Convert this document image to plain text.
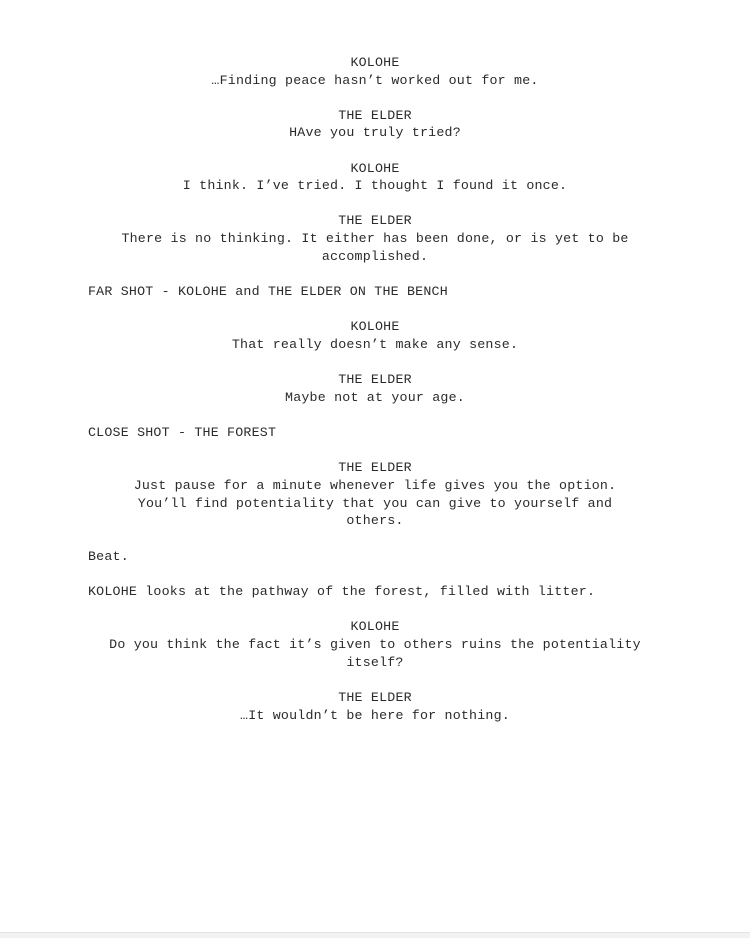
KOLOHE
…Finding peace hasn’t worked out for me.
THE ELDER
HAve you truly tried?
KOLOHE
I think. I’ve tried. I thought I found it once.
THE ELDER
There is no thinking. It either has been done, or is yet to be
accomplished.
FAR SHOT - KOLOHE and THE ELDER ON THE BENCH
KOLOHE
That really doesn’t make any sense.
THE ELDER
Maybe not at your age.
CLOSE SHOT - THE FOREST
THE ELDER
Just pause for a minute whenever life gives you the option.
You’ll find potentiality that you can give to yourself and
others.
Beat.
KOLOHE looks at the pathway of the forest, filled with litter.
KOLOHE
Do you think the fact it’s given to others ruins the potentiality
itself?
THE ELDER
…It wouldn’t be here for nothing.
